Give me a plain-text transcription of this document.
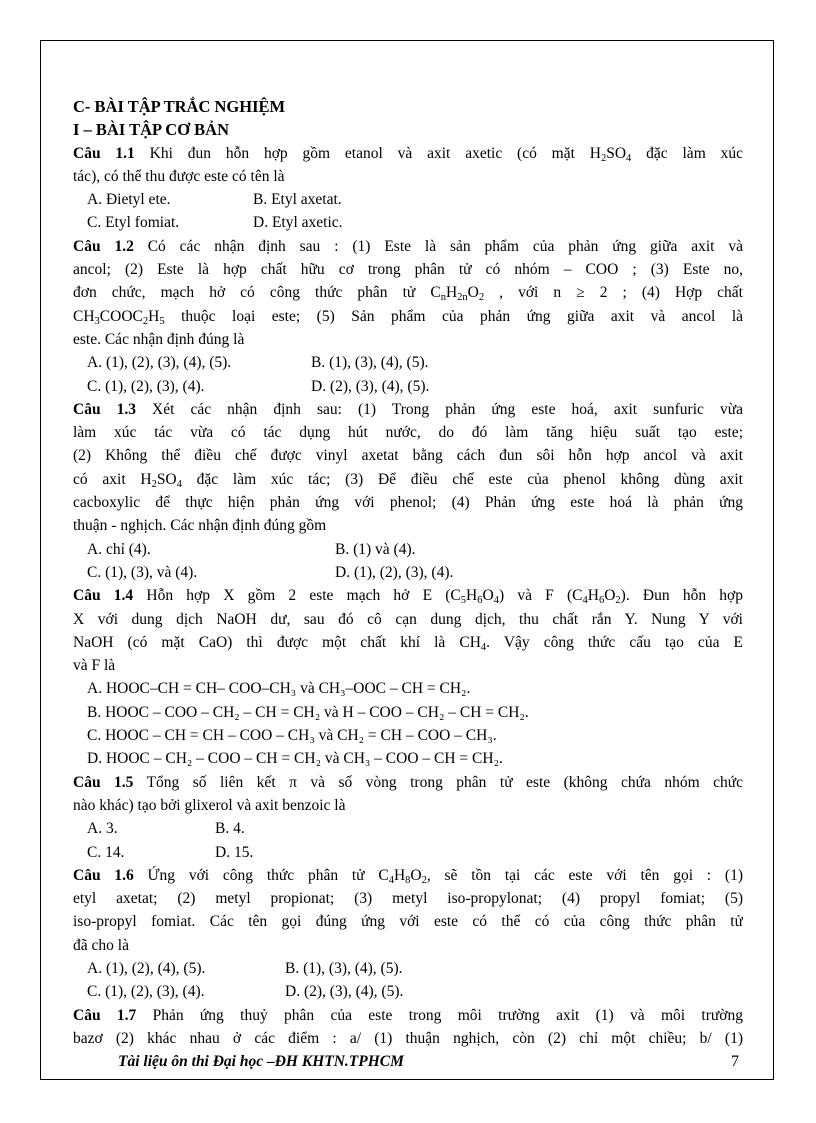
C- BÀI TẬP TRẮC NGHIỆM
I – BÀI TẬP CƠ BẢN
Câu 1.1 Khi đun hỗn hợp gồm etanol và axit axetic (có mặt $H_2SO_4$ đặc làm xúc
tác), có thể thu được este có tên là
A. Đietyl ete.	B. Etyl axetat.
C. Etyl fomiat.	D. Etyl axetic.
Câu 1.2 Có các nhận định sau : (1) Este là sản phẩm của phản ứng giữa axit và
ancol; (2) Este là hợp chất hữu cơ trong phân tử có nhóm – COO ; (3) Este no,
đơn chức, mạch hở có công thức phân tử $C_nH_{2n}O_2$ , với n ≥ 2 ; (4) Hợp chất
$CH_3COOC_2H_5$ thuộc loại este; (5) Sản phẩm của phản ứng giữa axit và ancol là
este. Các nhận định đúng là
A. (1), (2), (3), (4), (5).	B. (1), (3), (4), (5).
C. (1), (2), (3), (4).	D. (2), (3), (4), (5).
Câu 1.3 Xét các nhận định sau: (1) Trong phản ứng este hoá, axit sunfuric vừa
làm xúc tác vừa có tác dụng hút nước, do đó làm tăng hiệu suất tạo este;
(2) Không thể điều chế được vinyl axetat bằng cách đun sôi hỗn hợp ancol và axit
có axit $H_2SO_4$ đặc làm xúc tác; (3) Để điều chế este của phenol không dùng axit
cacboxylic để thực hiện phản ứng với phenol; (4) Phản ứng este hoá là phản ứng
thuận - nghịch. Các nhận định đúng gồm
A. chỉ (4).	B. (1) và (4).
C. (1), (3), và (4).	D. (1), (2), (3), (4).
Câu 1.4 Hỗn hợp X gồm 2 este mạch hở E $(C_5H_6O_4)$ và F $(C_4H_6O_2)$. Đun hỗn hợp
X với dung dịch NaOH dư, sau đó cô cạn dung dịch, thu chất rắn Y. Nung Y với
NaOH (có mặt CaO) thì được một chất khí là $CH_4$. Vậy công thức cấu tạo của E
và F là
A. HOOC–CH = CH– COO–CH₃ và CH₃–OOC – CH = CH₂.
B. HOOC – COO – CH₂ – CH = CH₂ và H – COO – CH₂ – CH = CH₂.
C. HOOC – CH = CH – COO – CH₃ và CH₂ = CH – COO – CH₃.
D. HOOC – CH₂ – COO – CH = CH₂ và CH₃ – COO – CH = CH₂.
Câu 1.5 Tổng số liên kết π và số vòng trong phân tử este (không chứa nhóm chức
nào khác) tạo bởi glixerol và axit benzoic là
A. 3.	B. 4.
C. 14.	D. 15.
Câu 1.6 Ứng với công thức phân tử $C_4H_8O_2$, sẽ tồn tại các este với tên gọi : (1)
etyl axetat; (2) metyl propionat; (3) metyl iso-propylonat; (4) propyl fomiat; (5)
iso-propyl fomiat. Các tên gọi đúng ứng với este có thể có của công thức phân tử
đã cho là
A. (1), (2), (4), (5).	B. (1), (3), (4), (5).
C. (1), (2), (3), (4).	D. (2), (3), (4), (5).
Câu 1.7 Phản ứng thuỷ phân của este trong môi trường axit (1) và môi trường
bazơ (2) khác nhau ở các điểm : a/ (1) thuận nghịch, còn (2) chỉ một chiều; b/ (1)
Tài liệu ôn thi Đại học –ĐH KHTN.TPHCM	7
